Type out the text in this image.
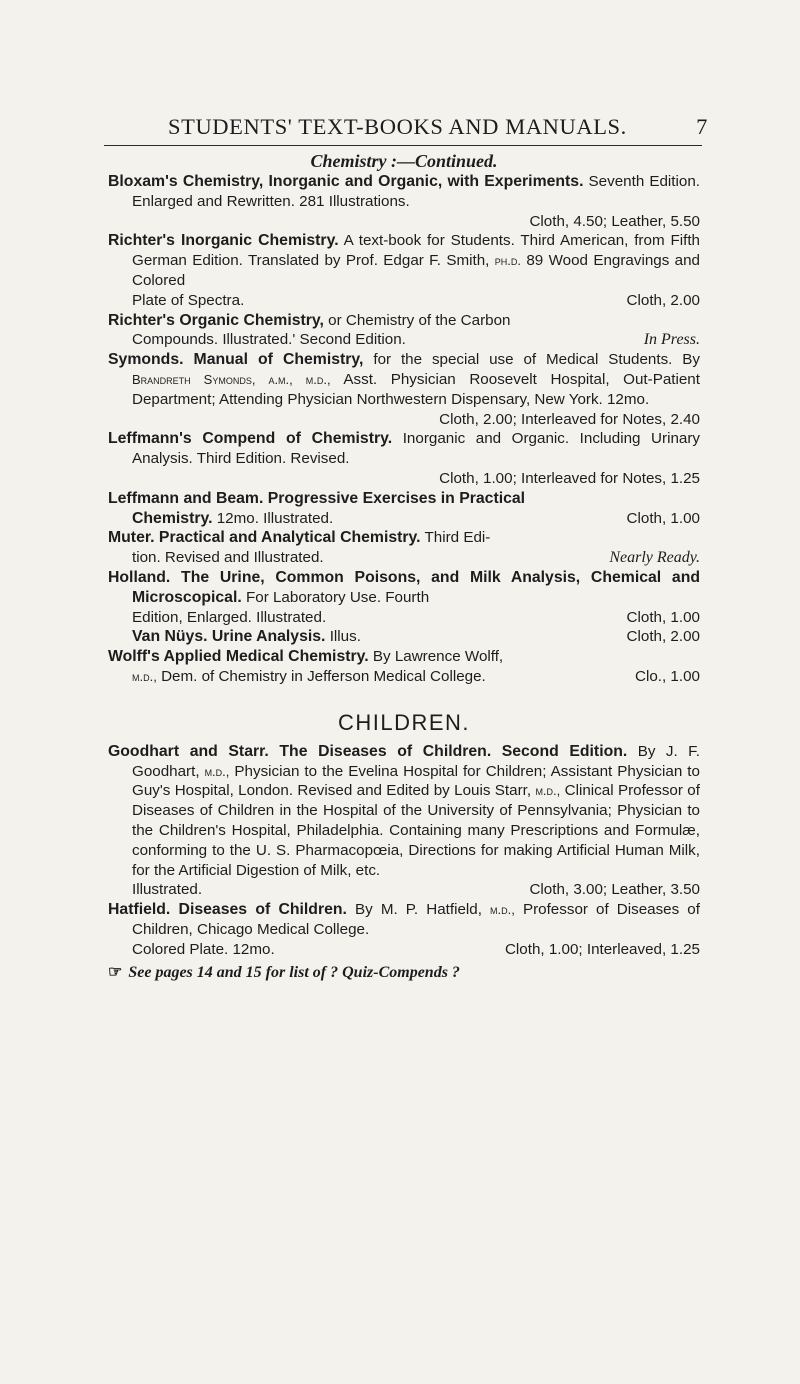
STUDENTS' TEXT-BOOKS AND MANUALS.	7
Chemistry :—Continued.
Bloxam's Chemistry, Inorganic and Organic, with Experiments. Seventh Edition. Enlarged and Rewritten. 281 Illustrations.
Cloth, 4.50; Leather, 5.50
Richter's Inorganic Chemistry. A text-book for Students. Third American, from Fifth German Edition. Translated by Prof. Edgar F. Smith, ph.d. 89 Wood Engravings and Colored
Plate of Spectra.	Cloth, 2.00
Richter's Organic Chemistry, or Chemistry of the Carbon
Compounds. Illustrated.' Second Edition.	In Press.
Symonds. Manual of Chemistry, for the special use of Medical Students. By Brandreth Symonds, a.m., m.d., Asst. Physician Roosevelt Hospital, Out-Patient Department; Attending Physician Northwestern Dispensary, New York. 12mo.
Cloth, 2.00; Interleaved for Notes, 2.40
Leffmann's Compend of Chemistry. Inorganic and Organic. Including Urinary Analysis. Third Edition. Revised.
Cloth, 1.00; Interleaved for Notes, 1.25
Leffmann and Beam. Progressive Exercises in Practical
Chemistry. 12mo. Illustrated.	Cloth, 1.00
Muter. Practical and Analytical Chemistry. Third Edi-
tion. Revised and Illustrated.	Nearly Ready.
Holland. The Urine, Common Poisons, and Milk Analysis, Chemical and Microscopical. For Laboratory Use. Fourth
Edition, Enlarged. Illustrated.	Cloth, 1.00
Van Nüys. Urine Analysis. Illus.	Cloth, 2.00
Wolff's Applied Medical Chemistry. By Lawrence Wolff,
m.d., Dem. of Chemistry in Jefferson Medical College.	Clo., 1.00
CHILDREN.
Goodhart and Starr. The Diseases of Children. Second Edition. By J. F. Goodhart, m.d., Physician to the Evelina Hospital for Children; Assistant Physician to Guy's Hospital, London. Revised and Edited by Louis Starr, m.d., Clinical Professor of Diseases of Children in the Hospital of the University of Pennsylvania; Physician to the Children's Hospital, Philadelphia. Containing many Prescriptions and Formulæ, conforming to the U. S. Pharmacopœia, Directions for making Artificial Human Milk, for the Artificial Digestion of Milk, etc.
Illustrated.	Cloth, 3.00; Leather, 3.50
Hatfield. Diseases of Children. By M. P. Hatfield, m.d., Professor of Diseases of Children, Chicago Medical College.
Colored Plate. 12mo.	Cloth, 1.00; Interleaved, 1.25
☞ See pages 14 and 15 for list of ? Quiz-Compends ?
